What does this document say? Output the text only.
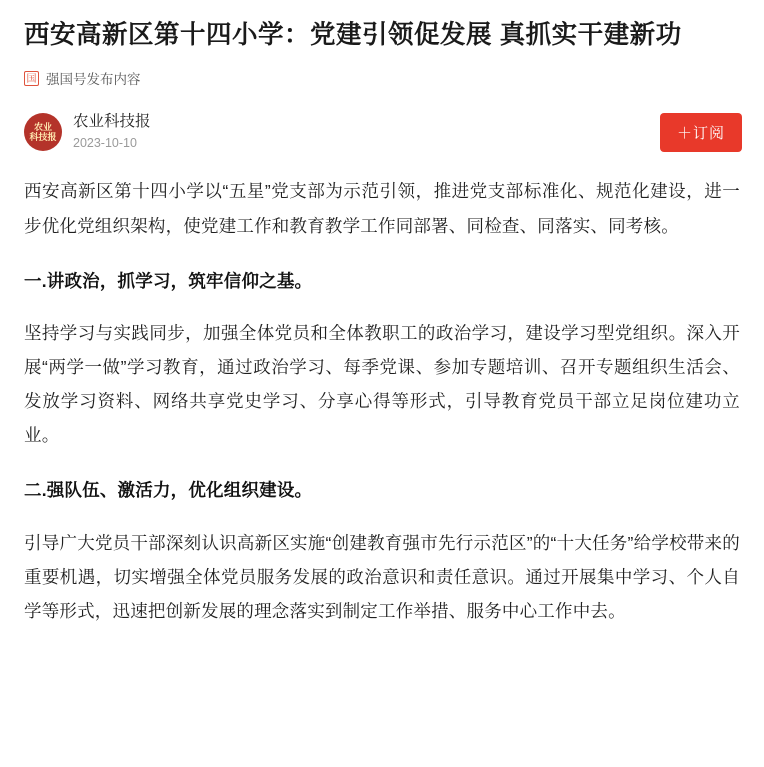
西安高新区第十四小学：党建引领促发展 真抓实干建新功
国 强国号发布内容
农业
科技报
农业科技报
2023-10-10
＋订阅

西安高新区第十四小学以“五星”党支部为示范引领，推进党支部标准化、规范化建设，进一步优化党组织架构，使党建工作和教育教学工作同部署、同检查、同落实、同考核。

一.讲政治，抓学习，筑牢信仰之基。

坚持学习与实践同步，加强全体党员和全体教职工的政治学习，建设学习型党组织。深入开展“两学一做”学习教育，通过政治学习、每季党课、参加专题培训、召开专题组织生活会、发放学习资料、网络共享党史学习、分享心得等形式，引导教育党员干部立足岗位建功立业。

二.强队伍、激活力，优化组织建设。

引导广大党员干部深刻认识高新区实施“创建教育强市先行示范区”的“十大任务”给学校带来的重要机遇，切实增强全体党员服务发展的政治意识和责任意识。通过开展集中学习、个人自学等形式，迅速把创新发展的理念落实到制定工作举措、服务中心工作中去。
